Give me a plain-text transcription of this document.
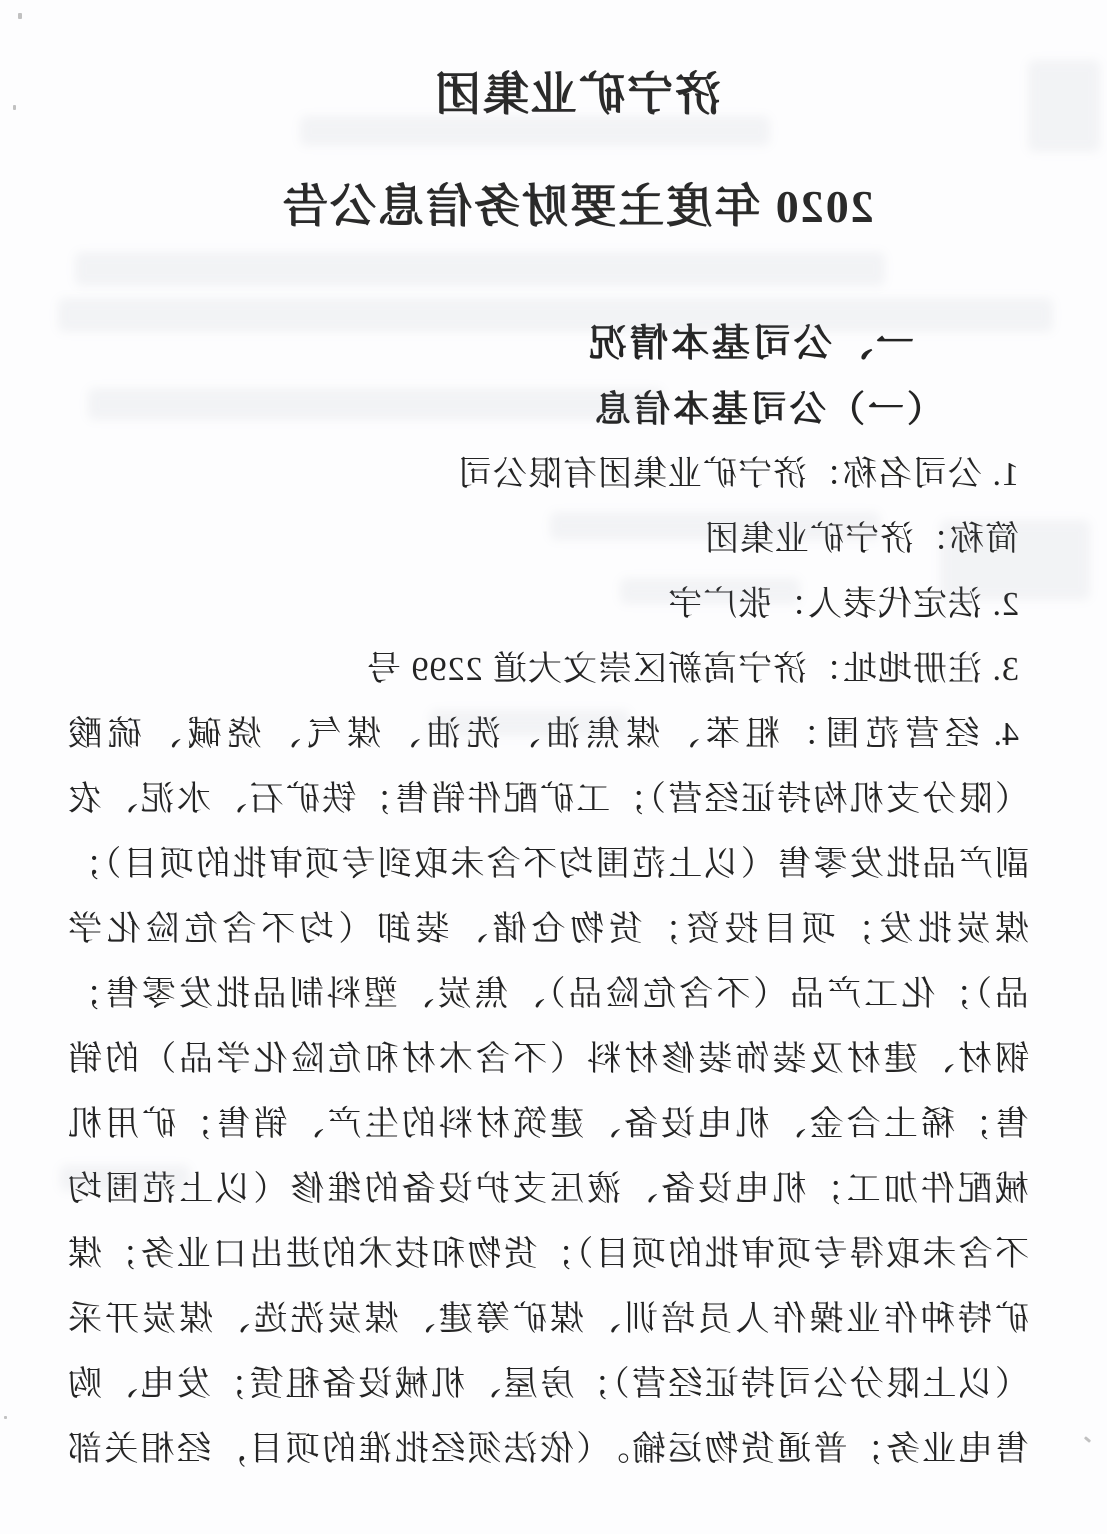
济宁矿业集团
2020 年度主要财务信息公告
一、公司基本情况
（一）公司基本信息
1. 公司名称：济宁矿业集团有限公司
简称：济宁矿业集团
2. 法定代表人：张广宇
3. 注册地址：济宁高新区崇文大道 2299 号
4. 经营范围：粗苯、煤焦油、洗油、煤气、烧碱、硫酸
（限分支机构持证经营）；工矿配件销售；铁矿石、水泥、农
副产品批发零售（以上范围均不含未取到专项审批的项目）；
煤炭批发；项目投资；货物仓储、装卸（均不含危险化学
品）；化工产品（不含危险品）、焦炭、塑料制品批发零售；
钢材、建材及装饰装修材料（不含木材和危险化学品）的销
售；稀土合金、机电设备、建筑材料的生产、销售；矿用机
械配件加工；机电设备、液压支护设备的维修（以上范围均
不含未取得专项审批的项目）；货物和技术的进出口业务；煤
矿特种作业操作人员培训、煤矿筹建、煤炭洗选、煤炭开采
（以上限分公司持证经营）；房屋、机械设备租赁；发电、购
售电业务；普通货物运输。（依法须经批准的项目，经相关部
